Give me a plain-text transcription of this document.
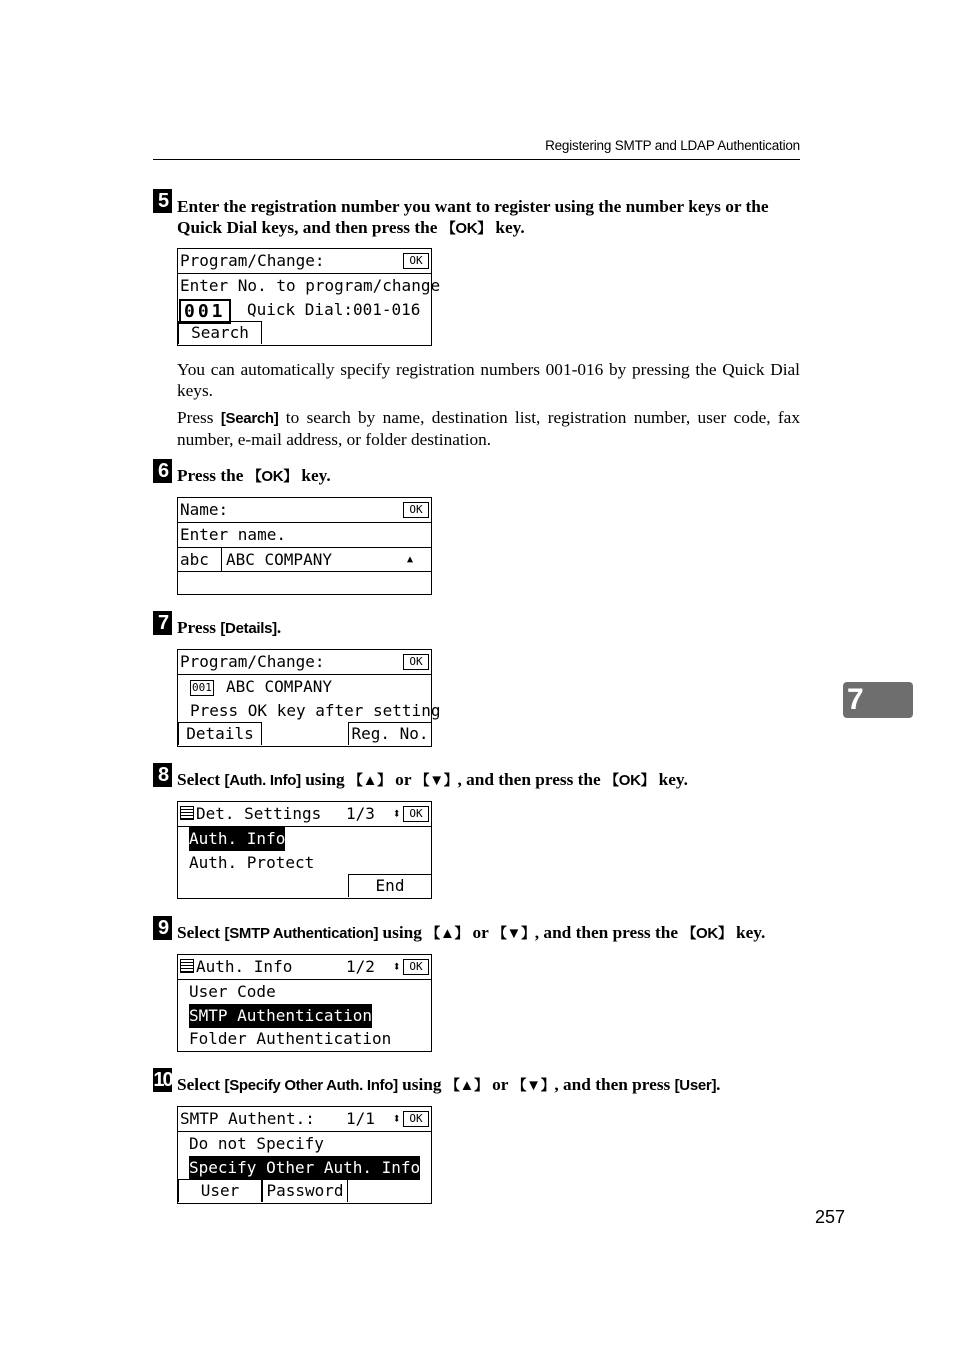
Registering SMTP and LDAP Authentication
5 Enter the registration number you want to register using the number keys or the Quick Dial keys, and then press the 【 OK 】 key.
Program/Change:	OK
Enter No. to program/change
001	Quick Dial:001-016
Search
You can automatically specify registration numbers 001-016 by pressing the Quick Dial keys.
Press [Search] to search by name, destination list, registration number, user code, fax number, e-mail address, or folder destination.
6 Press the 【 OK 】 key.
Name:	OK
Enter name.
abc ABC COMPANY	▲
7 Press [Details].
Program/Change:	OK
001 ABC COMPANY
Press OK key after setting
Details	Reg. No.
8 Select [Auth. Info] using 【 ▲ 】 or 【 ▼ 】 , and then press the 【 OK 】 key.
Det. Settings 1/3 ⬍ OK
Auth. Info
Auth. Protect
End
9 Select [SMTP Authentication] using 【 ▲ 】 or 【 ▼ 】 , and then press the 【 OK 】 key.
Auth. Info	1/2 ⬍ OK
User Code
SMTP Authentication
Folder Authentication
10 Select [Specify Other Auth. Info] using 【 ▲ 】 or 【 ▼ 】 , and then press [User].
SMTP Authent.: 1/1 ⬍ OK
Do not Specify
Specify Other Auth. Info
User	Password
7
257
